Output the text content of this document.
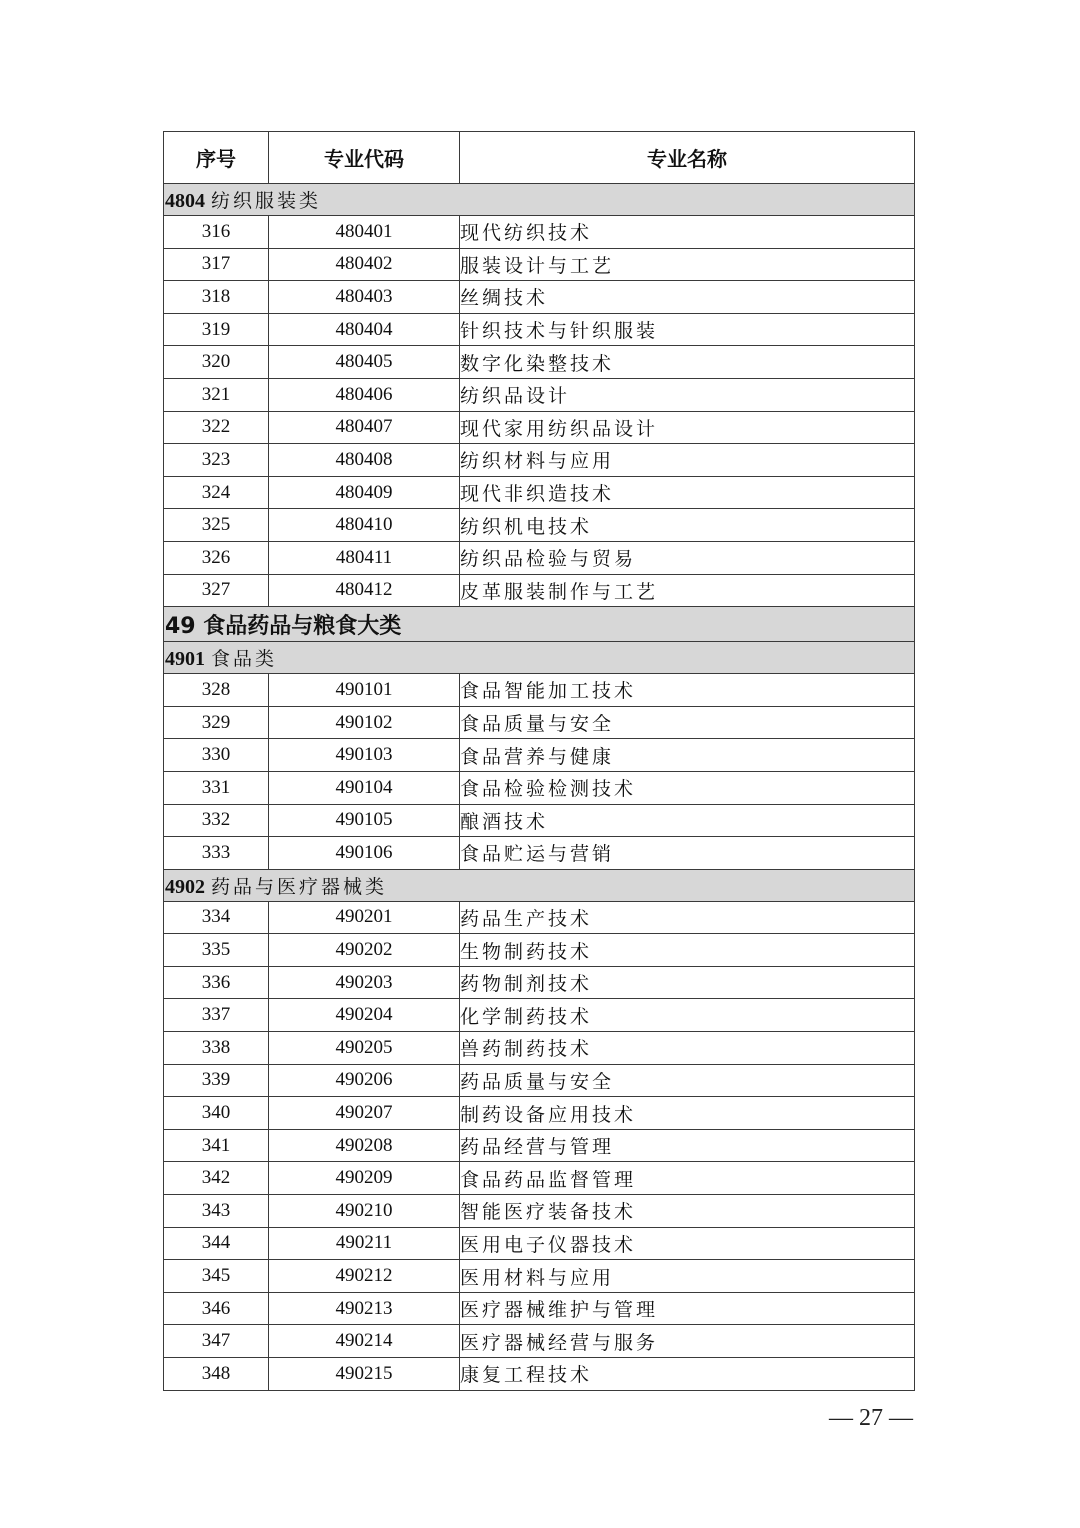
序号	专业代码	专业名称
4804 纺织服装类		
316	480401	现代纺织技术
317	480402	服装设计与工艺
318	480403	丝绸技术
319	480404	针织技术与针织服装
320	480405	数字化染整技术
321	480406	纺织品设计
322	480407	现代家用纺织品设计
323	480408	纺织材料与应用
324	480409	现代非织造技术
325	480410	纺织机电技术
326	480411	纺织品检验与贸易
327	480412	皮革服装制作与工艺
49 食品药品与粮食大类		
4901 食品类		
328	490101	食品智能加工技术
329	490102	食品质量与安全
330	490103	食品营养与健康
331	490104	食品检验检测技术
332	490105	酿酒技术
333	490106	食品贮运与营销
4902 药品与医疗器械类		
334	490201	药品生产技术
335	490202	生物制药技术
336	490203	药物制剂技术
337	490204	化学制药技术
338	490205	兽药制药技术
339	490206	药品质量与安全
340	490207	制药设备应用技术
341	490208	药品经营与管理
342	490209	食品药品监督管理
343	490210	智能医疗装备技术
344	490211	医用电子仪器技术
345	490212	医用材料与应用
346	490213	医疗器械维护与管理
347	490214	医疗器械经营与服务
348	490215	康复工程技术
— 27 —
